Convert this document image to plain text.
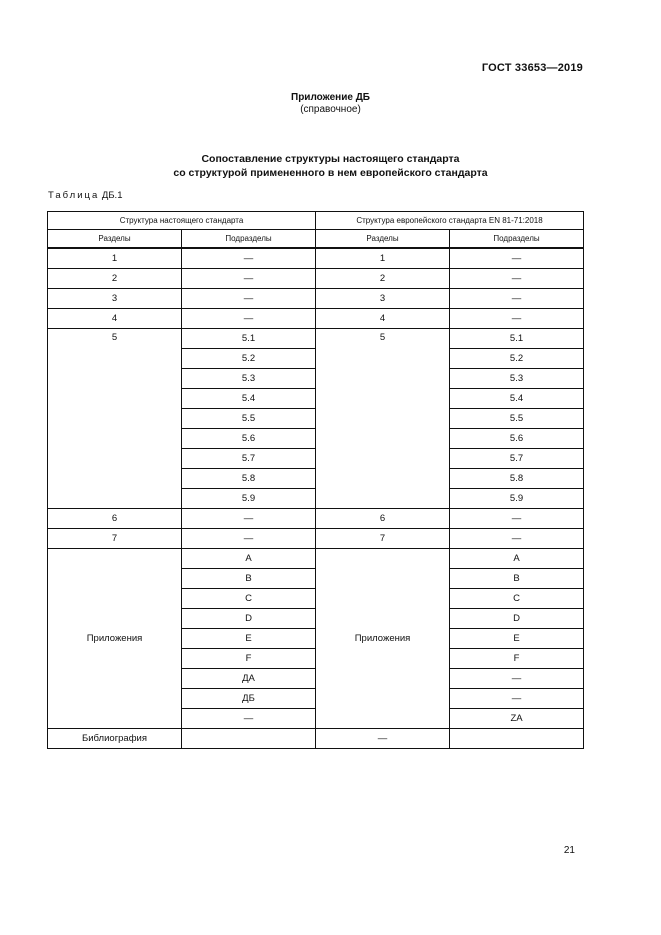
ГОСТ 33653—2019
Приложение ДБ
(справочное)
Сопоставление структуры настоящего стандарта
со структурой примененного в нем европейского стандарта
Таблица ДБ.1
Структура настоящего стандарта		Структура европейского стандарта EN 81-71:2018	
Разделы	Подразделы	Разделы	Подразделы
1	—	1	—
2	—	2	—
3	—	3	—
4	—	4	—
5	5.1	5	5.1
	5.2		5.2
	5.3		5.3
	5.4		5.4
	5.5		5.5
	5.6		5.6
	5.7		5.7
	5.8		5.8
	5.9		5.9
6	—	6	—
7	—	7	—
Приложения	A	Приложения	A
	B		B
	C		C
	D		D
	E		E
	F		F
	ДА		—
	ДБ		—
	—		ZA
Библиография		—	
21
